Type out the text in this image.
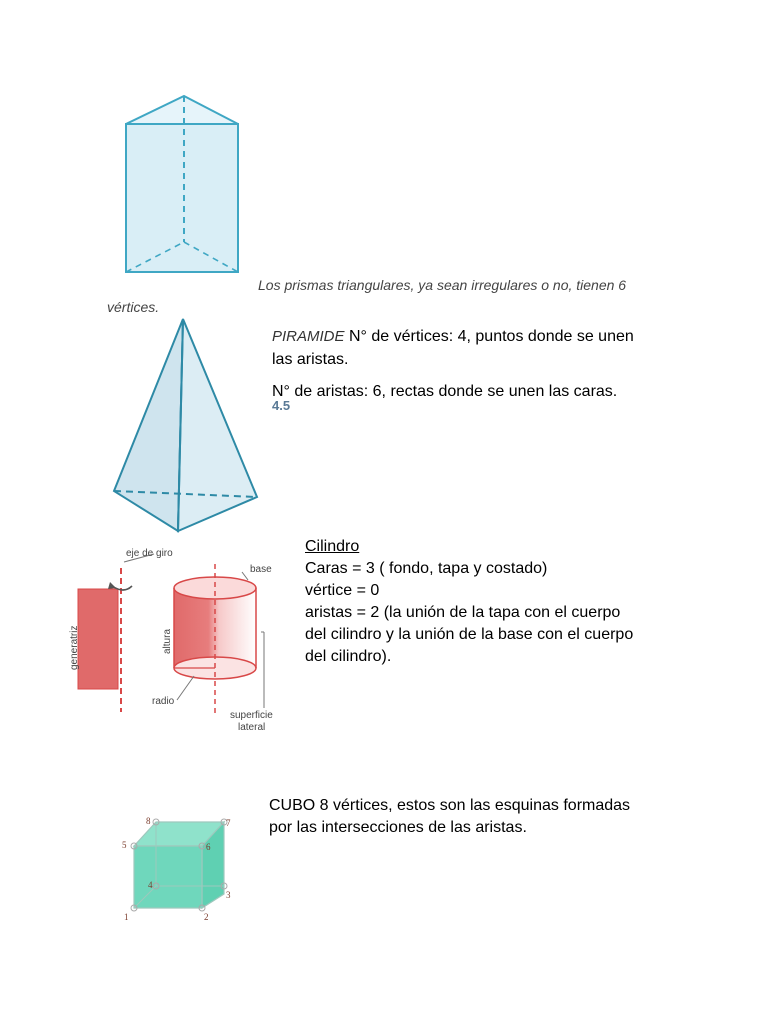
Los prismas triangulares, ya sean irregulares o no, tienen 6
vértices.
PIRAMIDE N° de vértices: 4, puntos donde se unen
las aristas.
N° de aristas: 6, rectas donde se unen las caras.
4.5
eje de giro
base
generatriz	altura
radio
superficie
lateral
Cilindro
Caras = 3 ( fondo, tapa y costado)
vértice = 0
aristas = 2 (la unión de la tapa con el cuerpo
del cilindro y la unión de la base con el cuerpo
del cilindro).
1	2
3
4
5	6
7
8
CUBO 8 vértices, estos son las esquinas formadas
por las intersecciones de las aristas.
